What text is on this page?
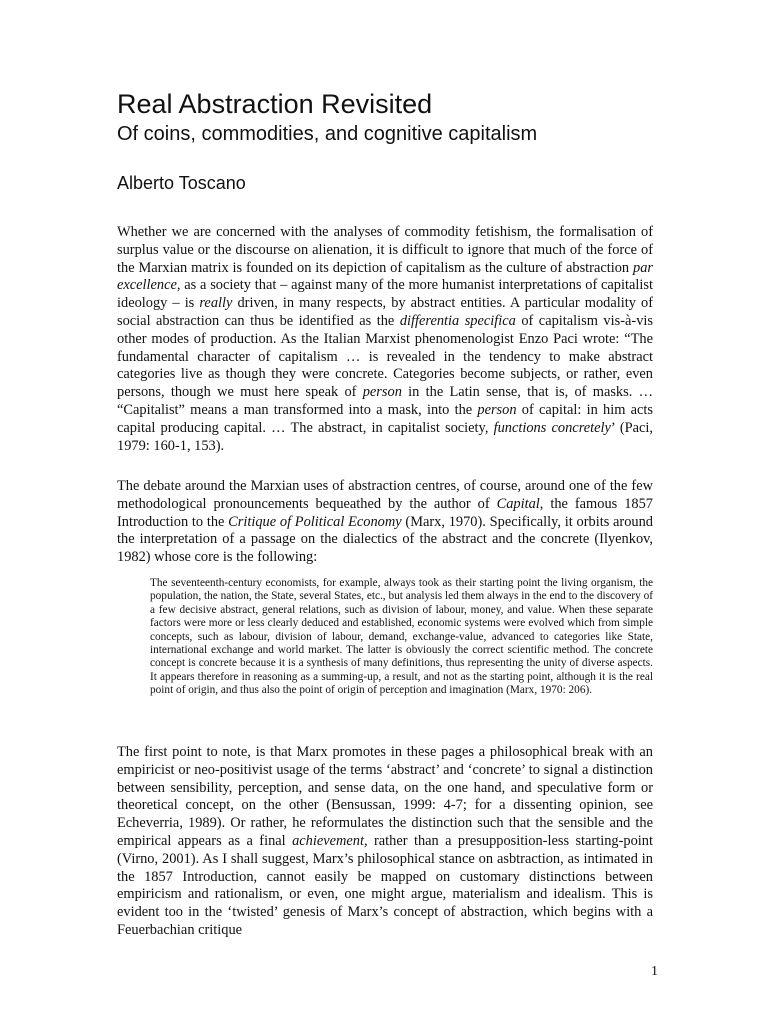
Real Abstraction Revisited
Of coins, commodities, and cognitive capitalism
Alberto Toscano

Whether we are concerned with the analyses of commodity fetishism, the formalisation of surplus value or the discourse on alienation, it is difficult to ignore that much of the force of the Marxian matrix is founded on its depiction of capitalism as the culture of abstraction par excellence, as a society that – against many of the more humanist interpretations of capitalist ideology – is really driven, in many respects, by abstract entities. A particular modality of social abstraction can thus be identified as the differentia specifica of capitalism vis-à-vis other modes of production. As the Italian Marxist phenomenologist Enzo Paci wrote: “The fundamental character of capitalism … is revealed in the tendency to make abstract categories live as though they were concrete. Categories become subjects, or rather, even persons, though we must here speak of person in the Latin sense, that is, of masks. … “Capitalist” means a man transformed into a mask, into the person of capital: in him acts capital producing capital. … The abstract, in capitalist society, functions concretely’ (Paci, 1979: 160-1, 153).

The debate around the Marxian uses of abstraction centres, of course, around one of the few methodological pronouncements bequeathed by the author of Capital, the famous 1857 Introduction to the Critique of Political Economy (Marx, 1970). Specifically, it orbits around the interpretation of a passage on the dialectics of the abstract and the concrete (Ilyenkov, 1982) whose core is the following:

The seventeenth-century economists, for example, always took as their starting point the living organism, the population, the nation, the State, several States, etc., but analysis led them always in the end to the discovery of a few decisive abstract, general relations, such as division of labour, money, and value. When these separate factors were more or less clearly deduced and established, economic systems were evolved which from simple concepts, such as labour, division of labour, demand, exchange-value, advanced to categories like State, international exchange and world market. The latter is obviously the correct scientific method. The concrete concept is concrete because it is a synthesis of many definitions, thus representing the unity of diverse aspects. It appears therefore in reasoning as a summing-up, a result, and not as the starting point, although it is the real point of origin, and thus also the point of origin of perception and imagination (Marx, 1970: 206).

The first point to note, is that Marx promotes in these pages a philosophical break with an empiricist or neo-positivist usage of the terms ‘abstract’ and ‘concrete’ to signal a distinction between sensibility, perception, and sense data, on the one hand, and speculative form or theoretical concept, on the other (Bensussan, 1999: 4-7; for a dissenting opinion, see Echeverria, 1989). Or rather, he reformulates the distinction such that the sensible and the empirical appears as a final achievement, rather than a presupposition-less starting-point (Virno, 2001). As I shall suggest, Marx’s philosophical stance on asbtraction, as intimated in the 1857 Introduction, cannot easily be mapped on customary distinctions between empiricism and rationalism, or even, one might argue, materialism and idealism. This is evident too in the ‘twisted’ genesis of Marx’s concept of abstraction, which begins with a Feuerbachian critique

1
